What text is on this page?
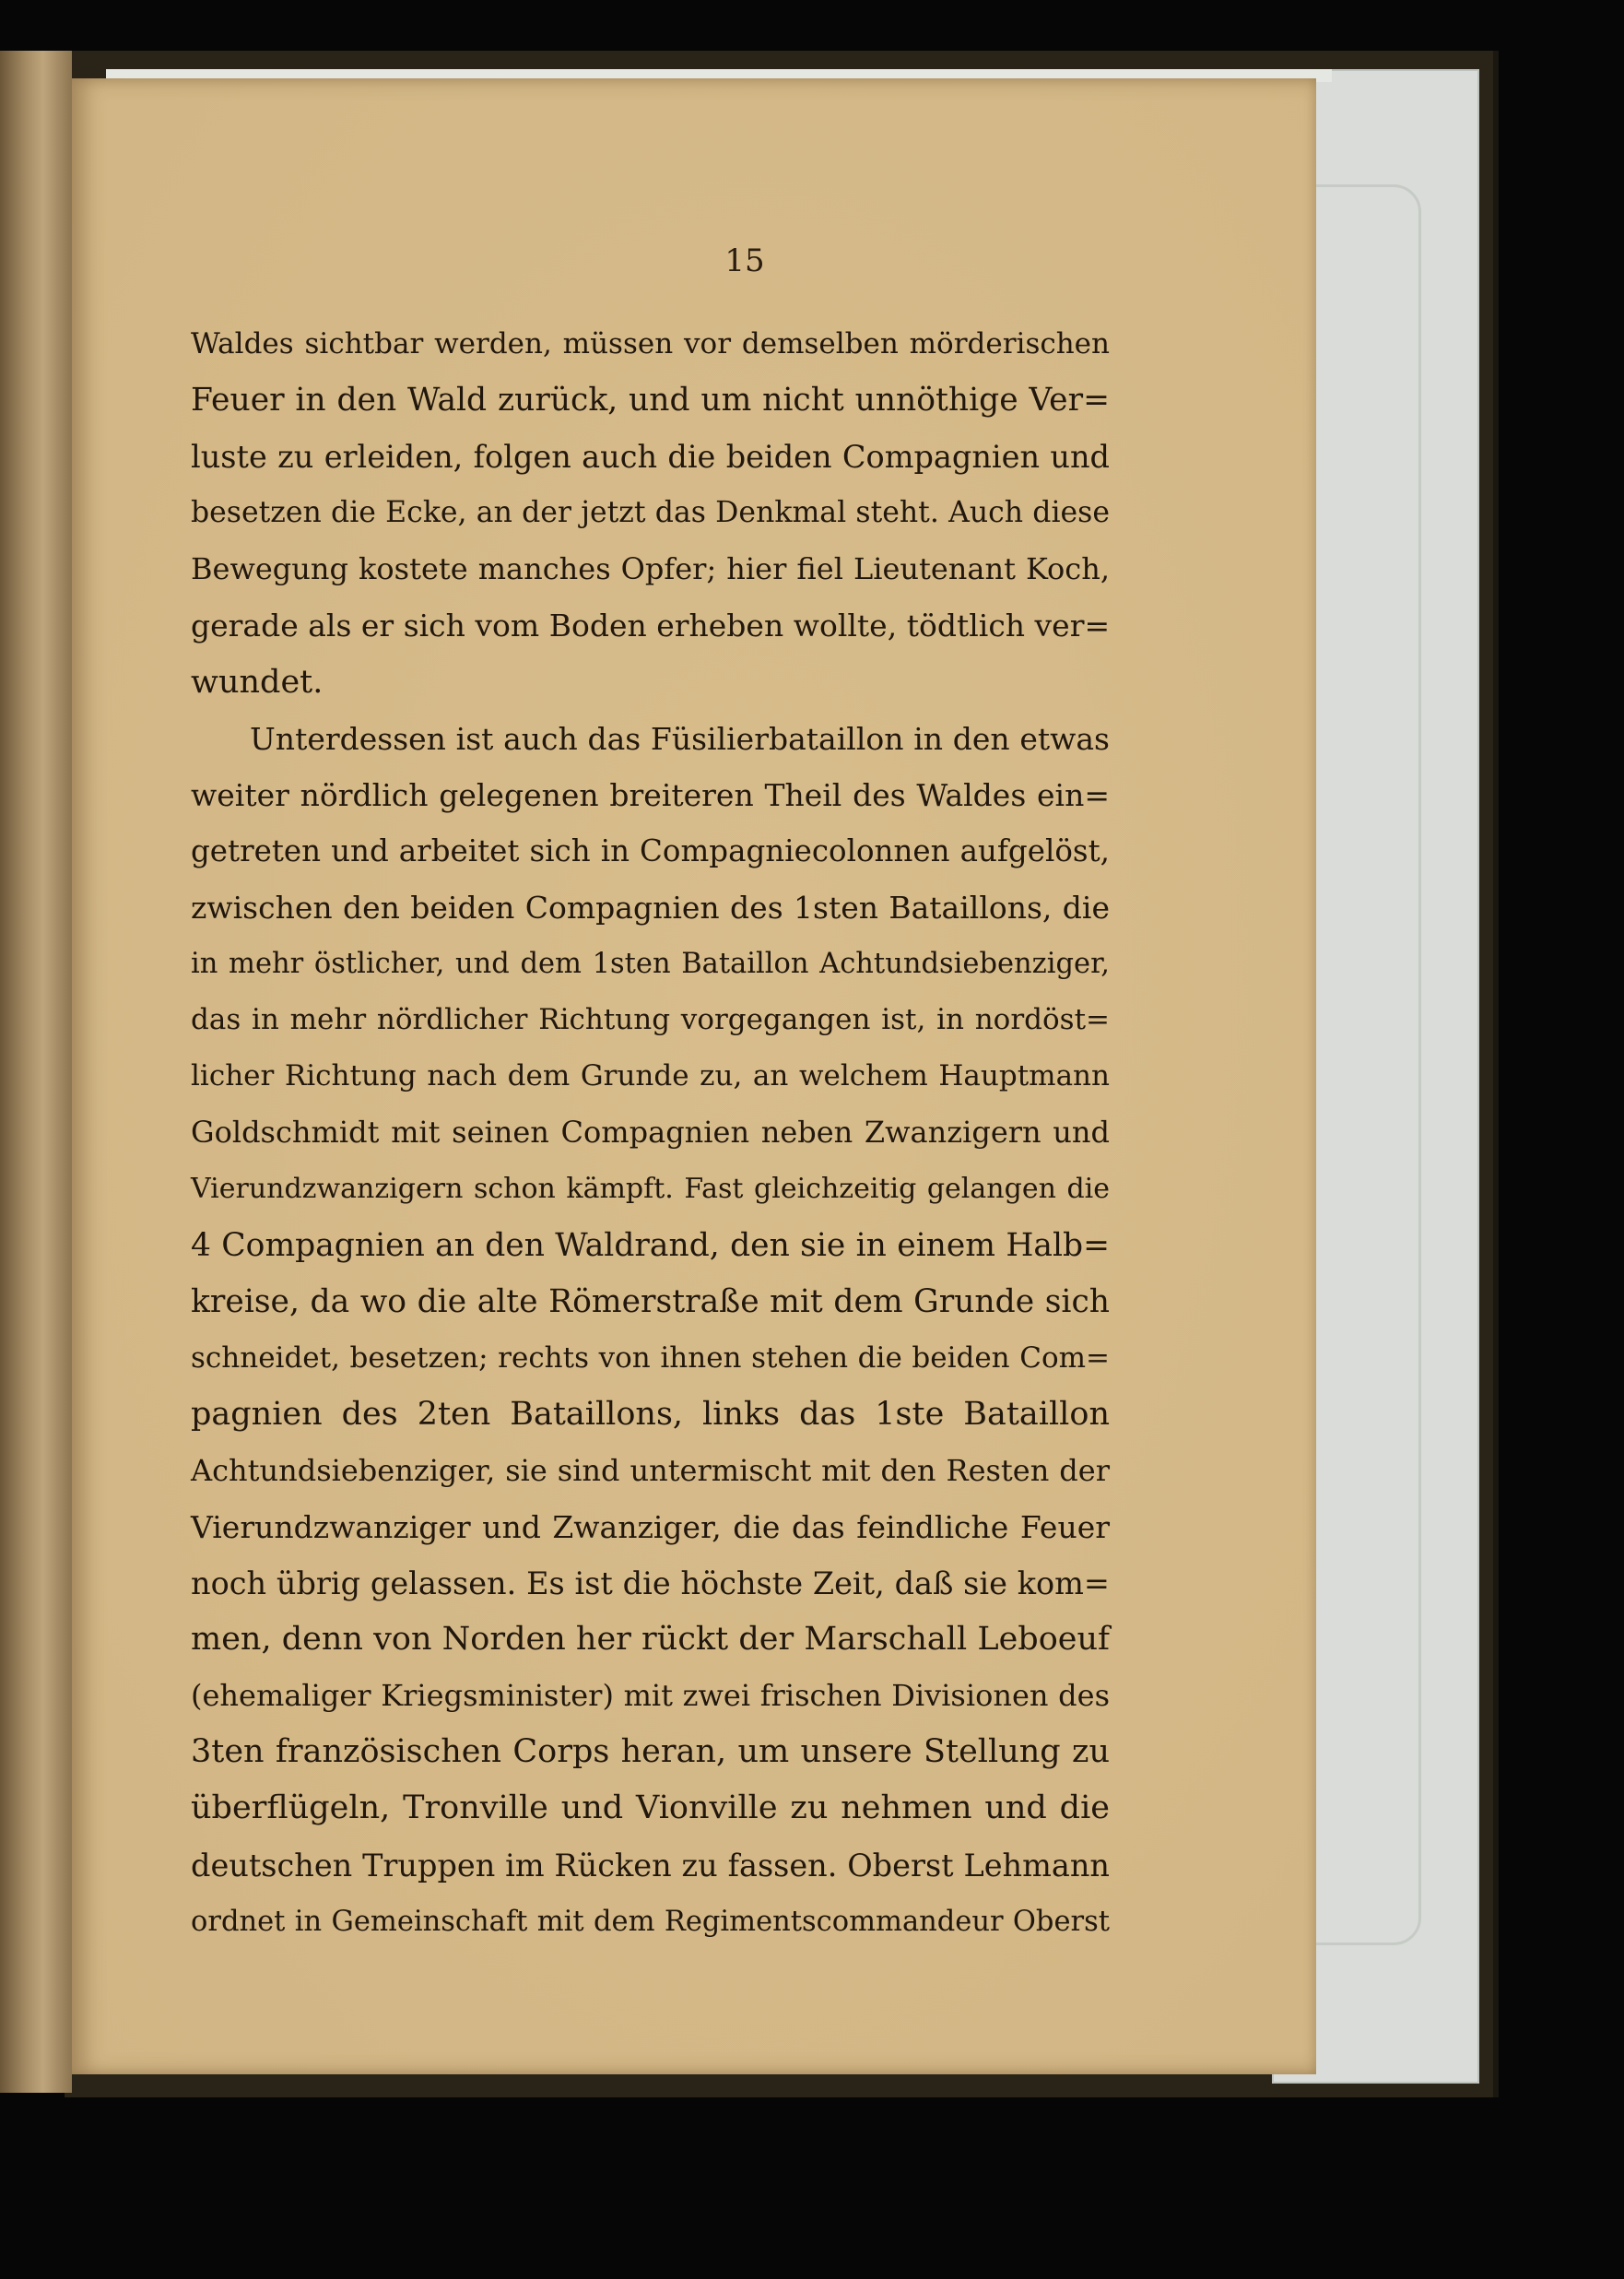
15
Waldes sichtbar werden, müssen vor demselben mörderischen
Feuer in den Wald zurück, und um nicht unnöthige Ver=
luste zu erleiden, folgen auch die beiden Compagnien und
besetzen die Ecke, an der jetzt das Denkmal steht. Auch diese
Bewegung kostete manches Opfer; hier fiel Lieutenant Koch,
gerade als er sich vom Boden erheben wollte, tödtlich ver=
wundet.
Unterdessen ist auch das Füsilierbataillon in den etwas
weiter nördlich gelegenen breiteren Theil des Waldes ein=
getreten und arbeitet sich in Compagniecolonnen aufgelöst,
zwischen den beiden Compagnien des 1sten Bataillons, die
in mehr östlicher, und dem 1sten Bataillon Achtundsiebenziger,
das in mehr nördlicher Richtung vorgegangen ist, in nordöst=
licher Richtung nach dem Grunde zu, an welchem Hauptmann
Goldschmidt mit seinen Compagnien neben Zwanzigern und
Vierundzwanzigern schon kämpft. Fast gleichzeitig gelangen die
4 Compagnien an den Waldrand, den sie in einem Halb=
kreise, da wo die alte Römerstraße mit dem Grunde sich
schneidet, besetzen; rechts von ihnen stehen die beiden Com=
pagnien des 2ten Bataillons, links das 1ste Bataillon
Achtundsiebenziger, sie sind untermischt mit den Resten der
Vierundzwanziger und Zwanziger, die das feindliche Feuer
noch übrig gelassen. Es ist die höchste Zeit, daß sie kom=
men, denn von Norden her rückt der Marschall Leboeuf
(ehemaliger Kriegsminister) mit zwei frischen Divisionen des
3ten französischen Corps heran, um unsere Stellung zu
überflügeln, Tronville und Vionville zu nehmen und die
deutschen Truppen im Rücken zu fassen. Oberst Lehmann
ordnet in Gemeinschaft mit dem Regimentscommandeur Oberst
